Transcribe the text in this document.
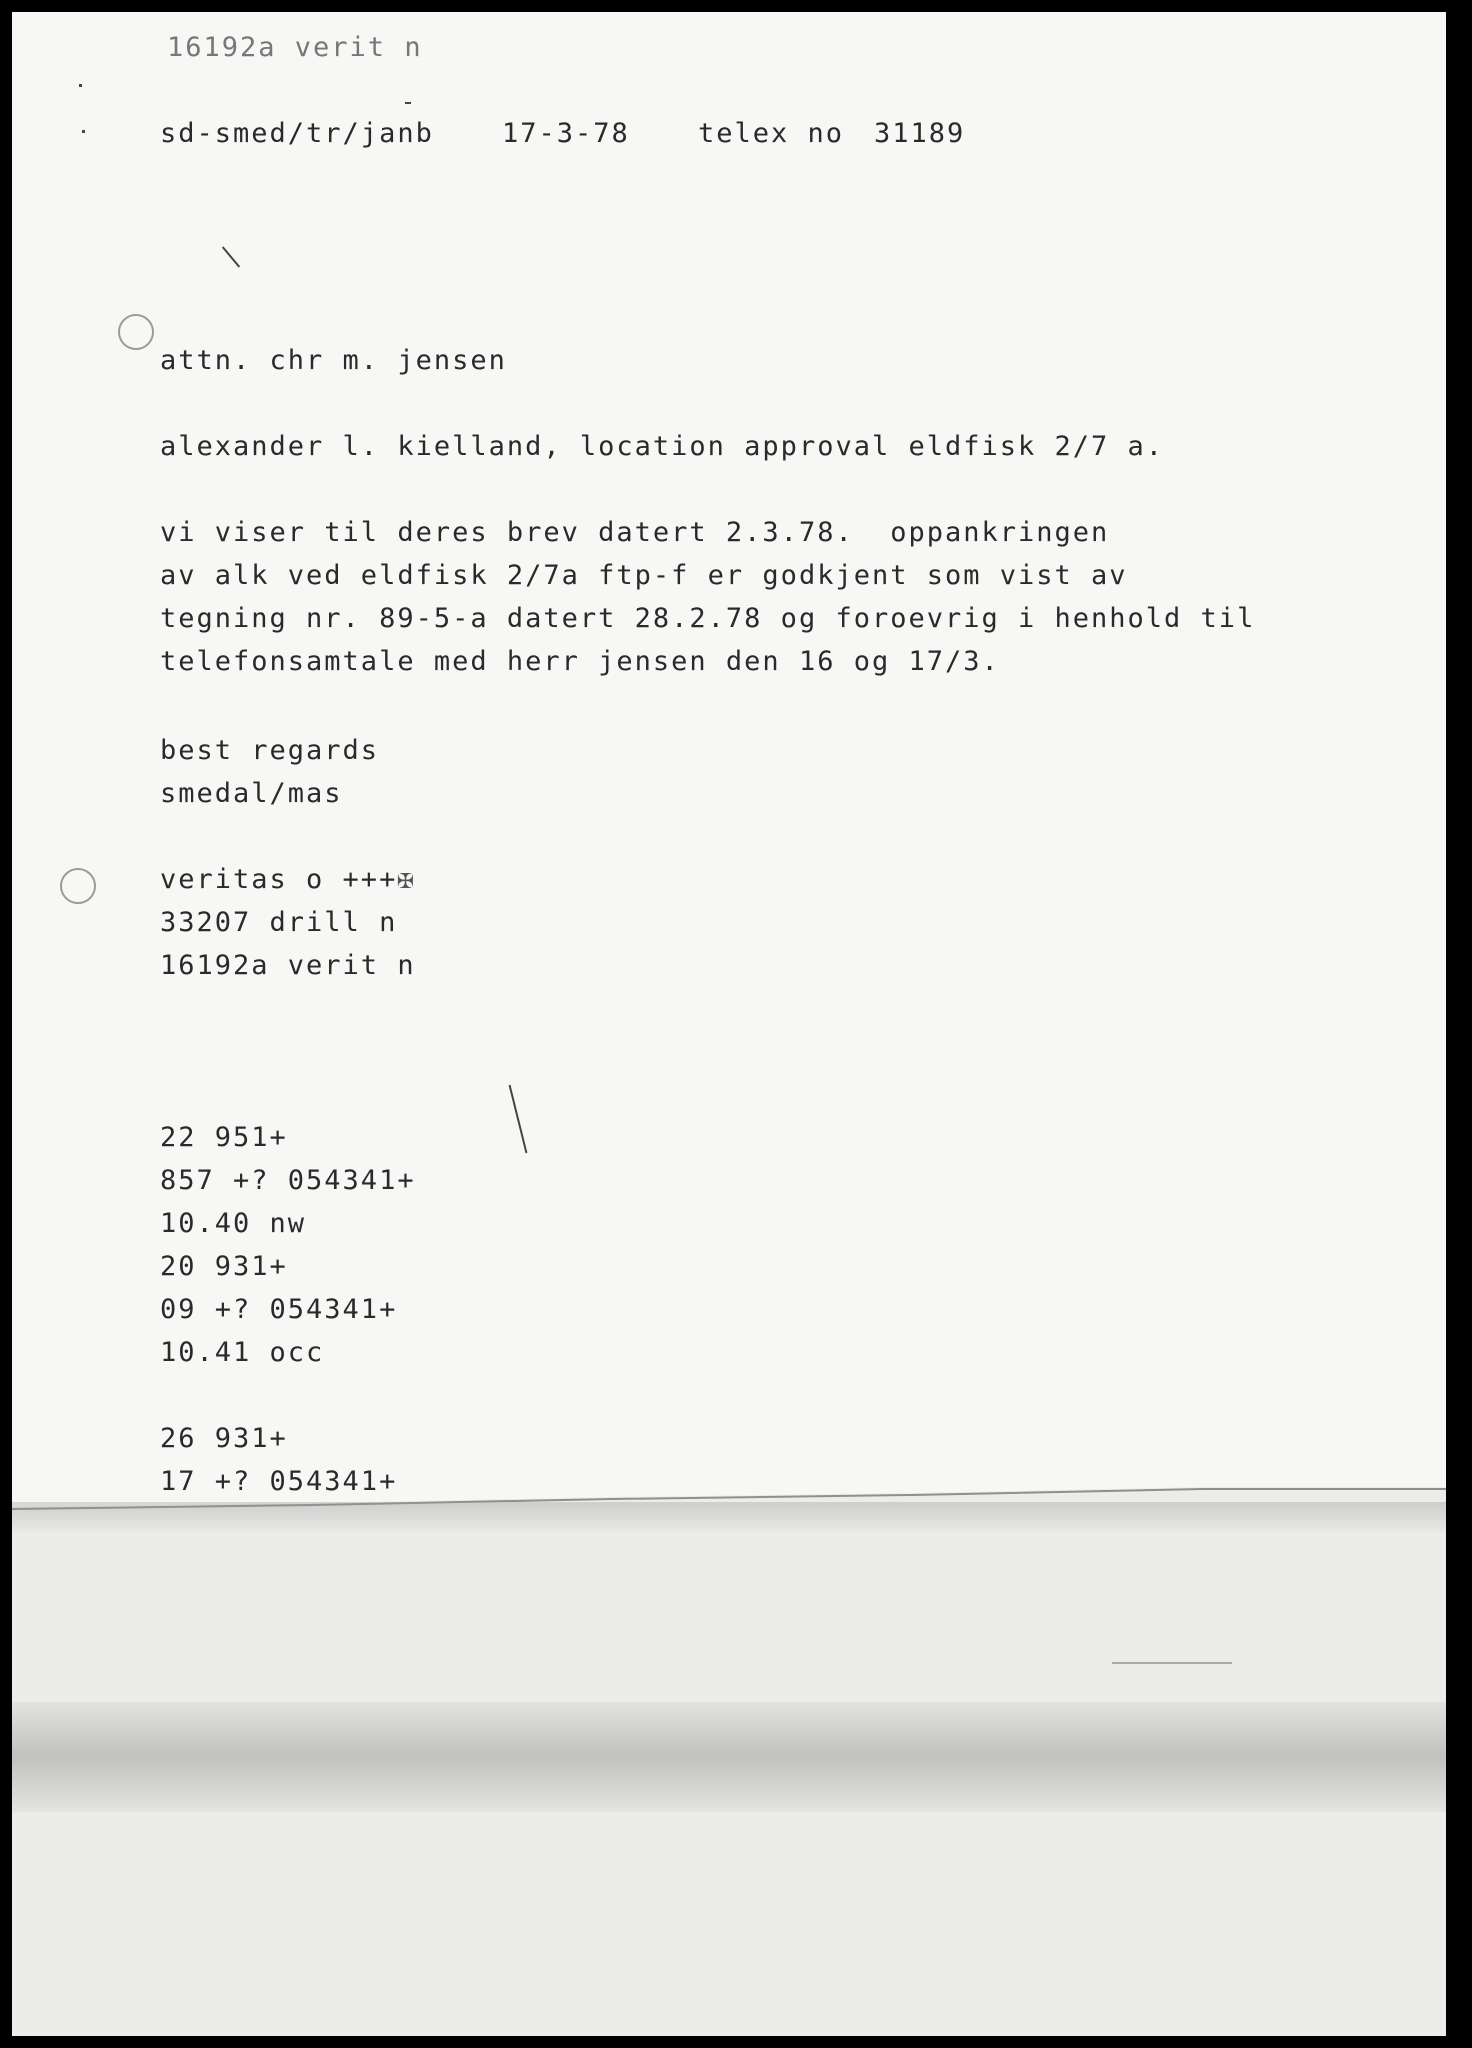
16192a verit n

sd-smed/tr/janb	17-3-78	telex no 31189

attn. chr m. jensen

alexander l. kielland, location approval eldfisk 2/7 a.

vi viser til deres brev datert 2.3.78.  oppankringen

av alk ved eldfisk 2/7a ftp-f er godkjent som vist av

tegning nr. 89-5-a datert 28.2.78 og foroevrig i henhold til

telefonsamtale med herr jensen den 16 og 17/3.

best regards

smedal/mas

veritas o +++✠

33207 drill n

16192a verit n

22 951+

857 +? 054341+

10.40 nw

20 931+

09 +? 054341+

10.41 occ

26 931+

17 +? 054341+
